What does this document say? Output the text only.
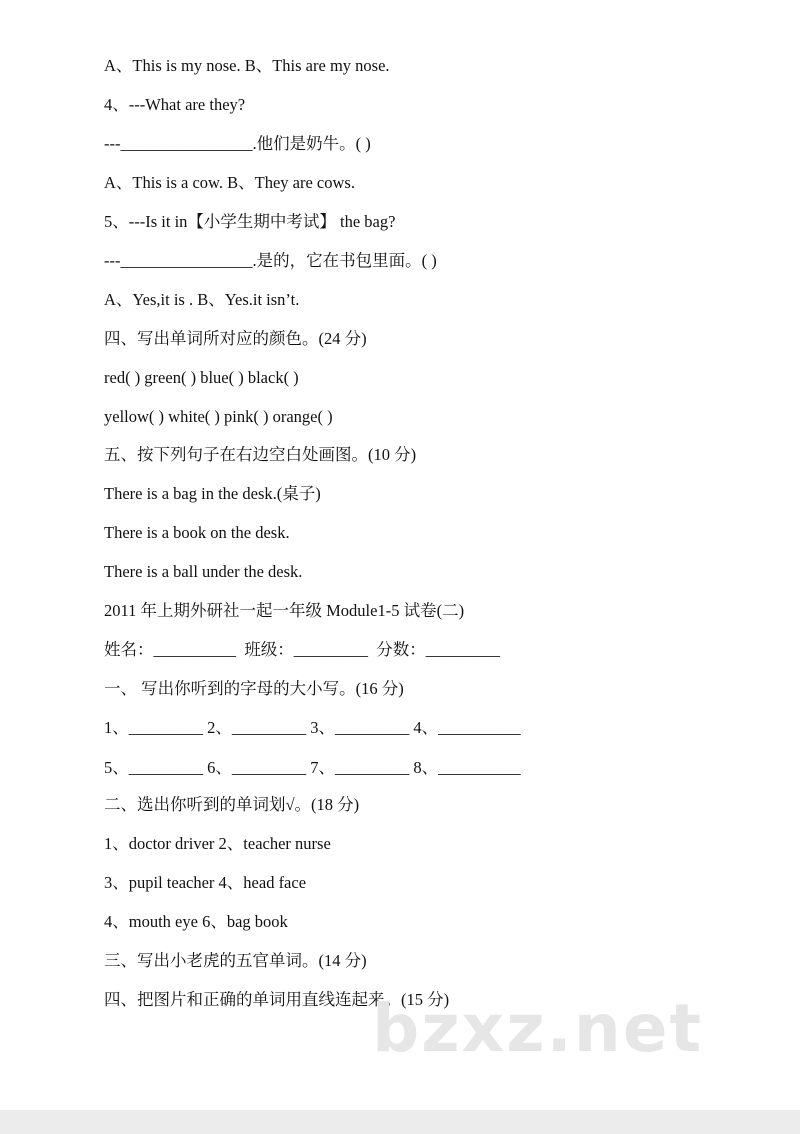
A、This is my nose. B、This are my nose.
4、---What are they?
---________________.他们是奶牛。( )
A、This is a cow. B、They are cows.
5、---Is it in【小学生期中考试】 the bag?
---________________.是的，它在书包里面。( )
A、Yes,it is . B、Yes.it isn’t.
四、写出单词所对应的颜色。(24 分)
red( ) green( ) blue( ) black( )
yellow( ) white( ) pink( ) orange( )
五、按下列句子在右边空白处画图。(10 分)
There is a bag in the desk.(桌子)
There is a book on the desk.
There is a ball under the desk.
2011 年上期外研社一起一年级 Module1-5 试卷(二)
姓名：__________  班级：_________  分数：_________
一、 写出你听到的字母的大小写。(16 分)
1、_________ 2、_________ 3、_________ 4、__________
5、_________ 6、_________ 7、_________ 8、__________
二、选出你听到的单词划√。(18 分)
1、doctor driver 2、teacher nurse
3、pupil teacher 4、head face
4、mouth eye 6、bag book
三、写出小老虎的五官单词。(14 分)
四、把图片和正确的单词用直线连起来。(15 分)
bzxz.net
